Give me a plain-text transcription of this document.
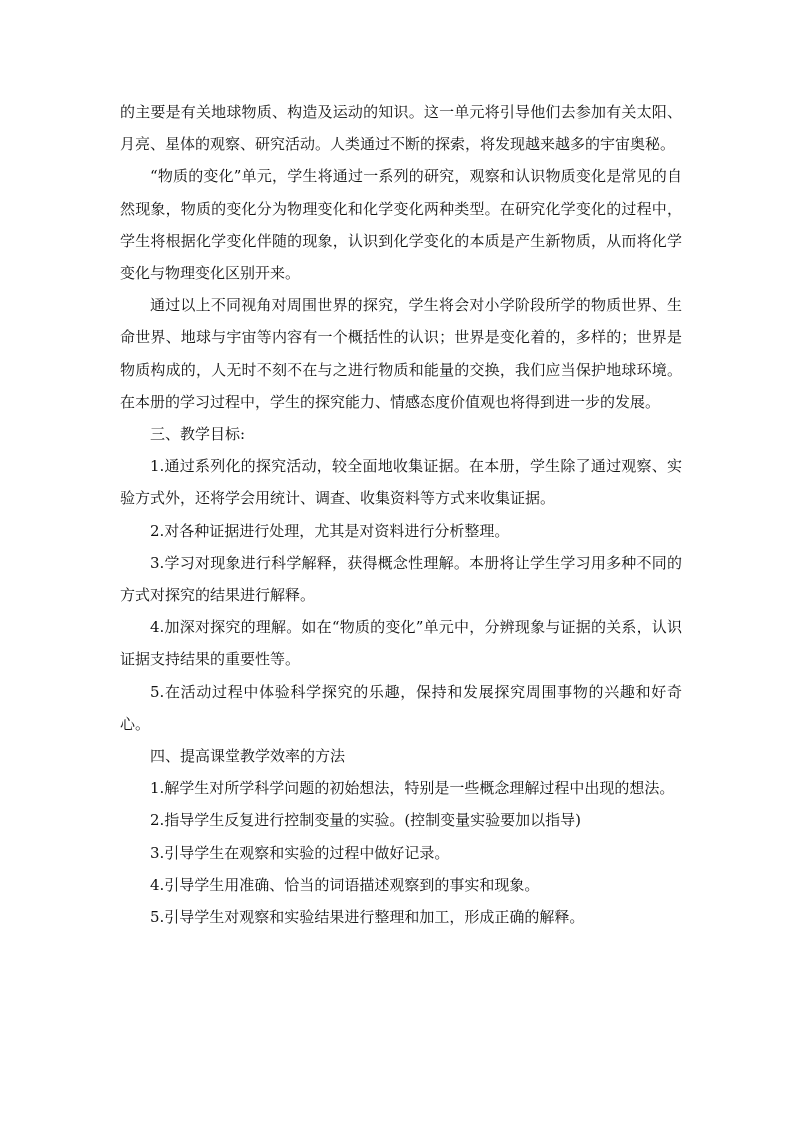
的主要是有关地球物质、构造及运动的知识。这一单元将引导他们去参加有关太阳、月亮、星体的观察、研究活动。人类通过不断的探索，将发现越来越多的宇宙奥秘。

“物质的变化”单元，学生将通过一系列的研究，观察和认识物质变化是常见的自然现象，物质的变化分为物理变化和化学变化两种类型。在研究化学变化的过程中，学生将根据化学变化伴随的现象，认识到化学变化的本质是产生新物质，从而将化学变化与物理变化区别开来。

通过以上不同视角对周围世界的探究，学生将会对小学阶段所学的物质世界、生命世界、地球与宇宙等内容有一个概括性的认识；世界是变化着的，多样的；世界是物质构成的，人无时不刻不在与之进行物质和能量的交换，我们应当保护地球环境。在本册的学习过程中，学生的探究能力、情感态度价值观也将得到进一步的发展。

三、教学目标:

1.通过系列化的探究活动，较全面地收集证据。在本册，学生除了通过观察、实验方式外，还将学会用统计、调查、收集资料等方式来收集证据。

2.对各种证据进行处理，尤其是对资料进行分析整理。

3.学习对现象进行科学解释，获得概念性理解。本册将让学生学习用多种不同的方式对探究的结果进行解释。

4.加深对探究的理解。如在“物质的变化”单元中，分辨现象与证据的关系，认识证据支持结果的重要性等。

5.在活动过程中体验科学探究的乐趣，保持和发展探究周围事物的兴趣和好奇心。

四、提高课堂教学效率的方法

1.解学生对所学科学问题的初始想法，特别是一些概念理解过程中出现的想法。

2.指导学生反复进行控制变量的实验。(控制变量实验要加以指导)

3.引导学生在观察和实验的过程中做好记录。

4.引导学生用准确、恰当的词语描述观察到的事实和现象。

5.引导学生对观察和实验结果进行整理和加工，形成正确的解释。
